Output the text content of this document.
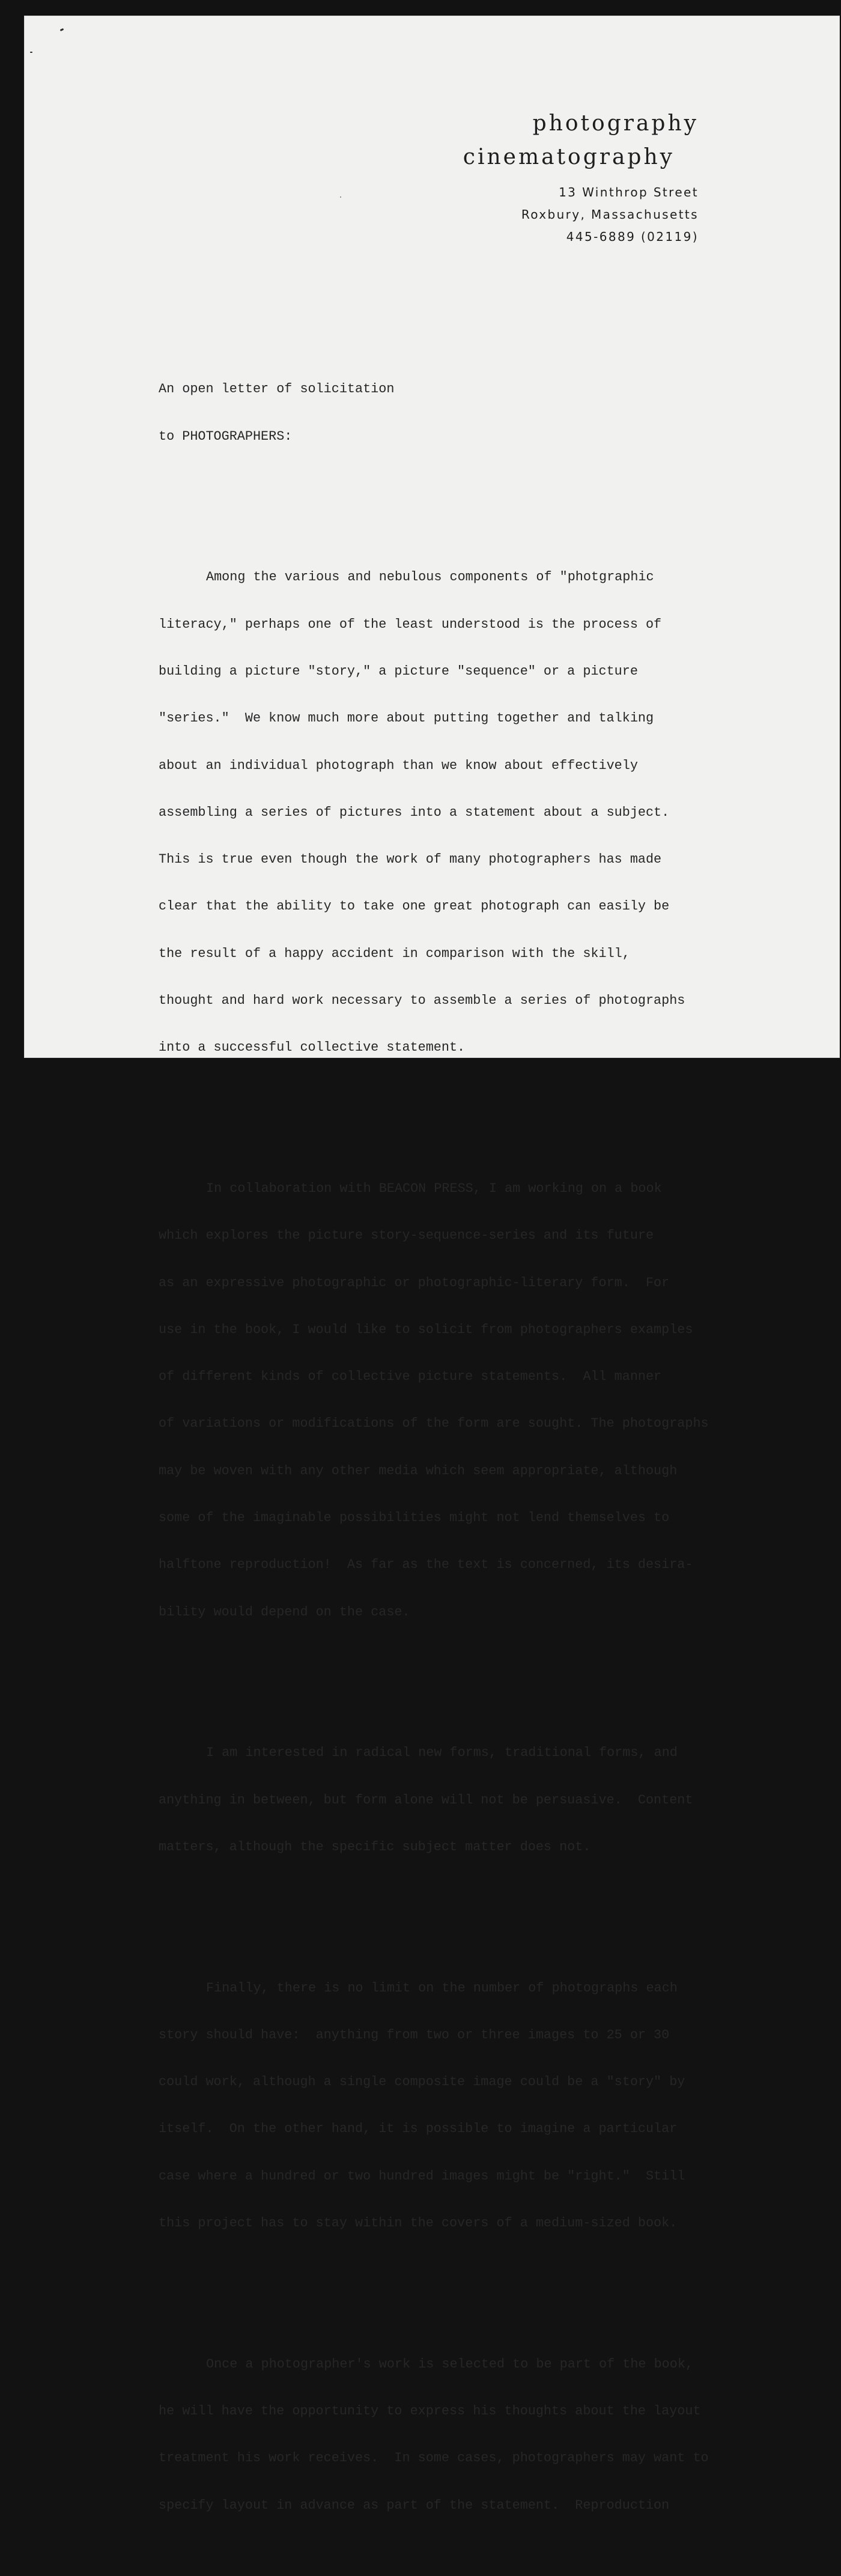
photography
cinematography
13 Winthrop Street
Roxbury, Massachusetts
445-6889 (02119)

An open letter of solicitation

to PHOTOGRAPHERS:

Among the various and nebulous components of "photgraphic

literacy," perhaps one of the least understood is the process of

building a picture "story," a picture "sequence" or a picture

"series."  We know much more about putting together and talking

about an individual photograph than we know about effectively

assembling a series of pictures into a statement about a subject.

This is true even though the work of many photographers has made

clear that the ability to take one great photograph can easily be

the result of a happy accident in comparison with the skill,

thought and hard work necessary to assemble a series of photographs

into a successful collective statement.

In collaboration with BEACON PRESS, I am working on a book

which explores the picture story-sequence-series and its future

as an expressive photographic or photographic-literary form.  For

use in the book, I would like to solicit from photographers examples

of different kinds of collective picture statements.  All manner

of variations or modifications of the form are sought. The photographs

may be woven with any other media which seem appropriate, although

some of the imaginable possibilities might not lend themselves to

halftone reproduction!  As far as the text is concerned, its desira-

bility would depend on the case.

I am interested in radical new forms, traditional forms, and

anything in between, but form alone will not be persuasive.  Content

matters, although the specific subject matter does not.

Finally, there is no limit on the number of photographs each

story should have:  anything from two or three images to 25 or 30

could work, although a single composite image could be a "story" by

itself.  On the other hand, it is possible to imagine a particular

case where a hundred or two hundred images might be "right."  Still

this project has to stay within the covers of a medium-sized book.

Once a photographer's work is selected to be part of the book,

he will have the opportunity to express his thoughts about the layout

treatment his work receives.  In some cases, photographers may want to

specify layout in advance as part of the statement.  Reproduction
